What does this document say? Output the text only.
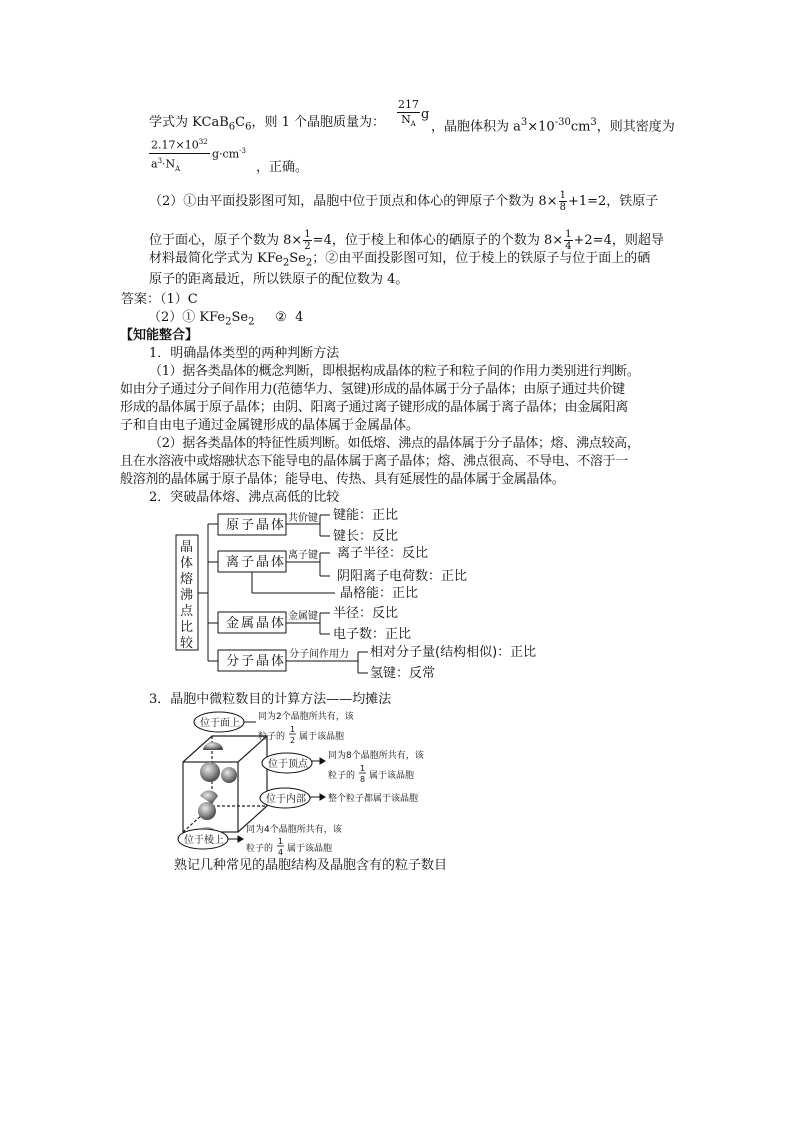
学式为 $KCaB_6C_6$，则 1 个晶胞质量为： $\frac{217}{N_A}$ g
，晶胞体积为 $a^3\times 10^{-30}cm^3$，则其密度为
$2.17\times 10^{32}$
$a^3\cdot N_A$
$g\cdot cm^{-3}$
，正确。
（2）①由平面投影图可知，晶胞中位于顶点和体心的钾原子个数为 $8\times \frac{1}{8} +1=2$，铁原子
位于面心，原子个数为 $8\times \frac{1}{2} =4$，位于棱上和体心的硒原子的个数为 $8\times \frac{1}{4} +2=4$，则超导
材料最简化学式为 $KFe_2Se_2$；②由平面投影图可知，位于棱上的铁原子与位于面上的硒
原子的距离最近，所以铁原子的配位数为 4。
答案：（1）C
（2）① $KFe_2Se_2$     ②  4
【知能整合】
1．明确晶体类型的两种判断方法
（1）据各类晶体的概念判断，即根据构成晶体的粒子和粒子间的作用力类别进行判断。
如由分子通过分子间作用力(范德华力、氢键)形成的晶体属于分子晶体；由原子通过共价键
形成的晶体属于原子晶体；由阴、阳离子通过离子键形成的晶体属于离子晶体；由金属阳离
子和自由电子通过金属键形成的晶体属于金属晶体。
（2）据各类晶体的特征性质判断。如低熔、沸点的晶体属于分子晶体；熔、沸点较高，
且在水溶液中或熔融状态下能导电的晶体属于离子晶体；熔、沸点很高、不导电、不溶于一
般溶剂的晶体属于原子晶体；能导电、传热、具有延展性的晶体属于金属晶体。
2．突破晶体熔、沸点高低的比较
晶
体
熔
沸
点
比
较
原子晶体
离子晶体
金属晶体
分子晶体
共价键
离子键
金属键
分子间作用力
键能：正比
键长：反比
离子半径：反比
阴阳离子电荷数：正比
晶格能：正比
半径：反比
电子数：正比
相对分子量(结构相似)：正比
氢键：反常
3．晶胞中微粒数目的计算方法——均摊法
位于面上
位于顶点
位于内部
位于棱上
同为2个晶胞所共有，该
粒子的
1
2 属于该晶胞
同为8个晶胞所共有，该
粒子的
1
8 属于该晶胞
整个粒子都属于该晶胞
同为4个晶胞所共有，该
粒子的
1
4 属于该晶胞
熟记几种常见的晶胞结构及晶胞含有的粒子数目
